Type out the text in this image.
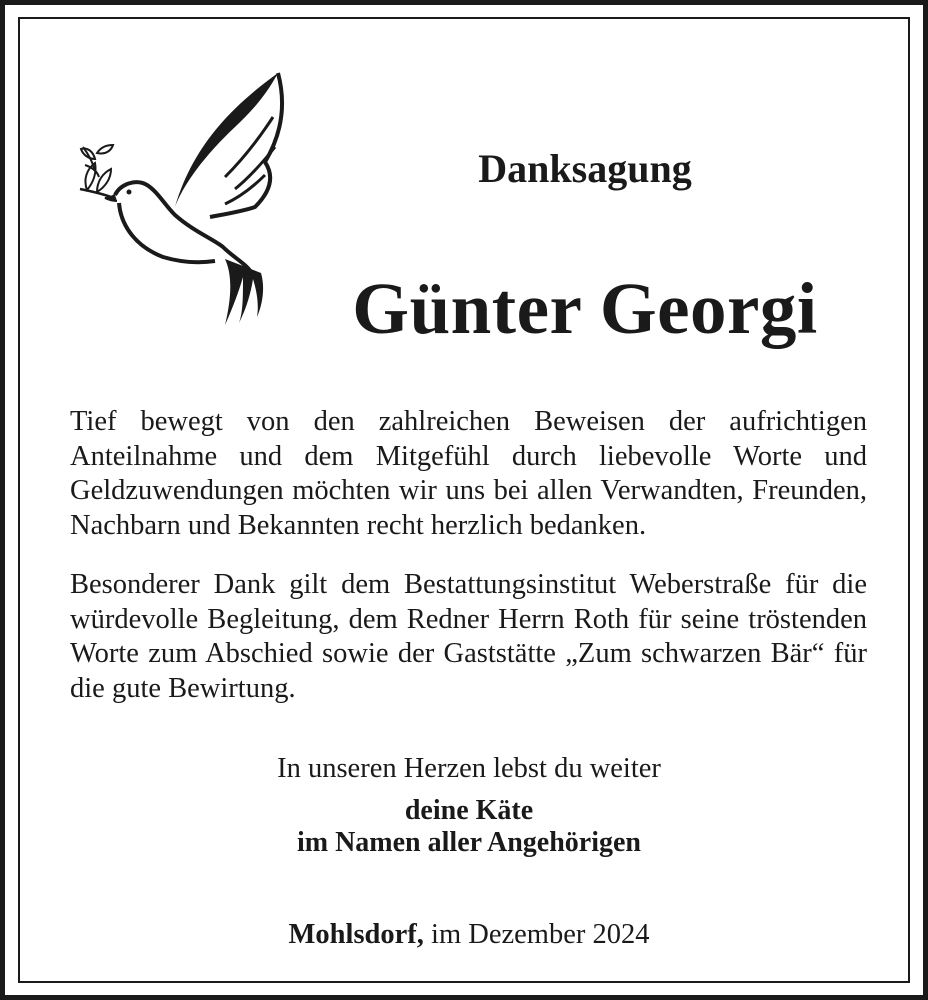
Danksagung
Günter Georgi

Tief bewegt von den zahlreichen Beweisen der aufrichtigen Anteilnahme und dem Mitgefühl durch liebevolle Worte und Geldzuwendungen möchten wir uns bei allen Verwandten, Freunden, Nachbarn und Bekannten recht herzlich bedanken.

Besonderer Dank gilt dem Bestattungsinstitut Weberstraße für die würdevolle Begleitung, dem Redner Herrn Roth für seine tröstenden Worte zum Abschied sowie der Gaststätte „Zum schwarzen Bär“ für die gute Bewirtung.

In unseren Herzen lebst du weiter

deine Käte

im Namen aller Angehörigen

Mohlsdorf, im Dezember 2024
